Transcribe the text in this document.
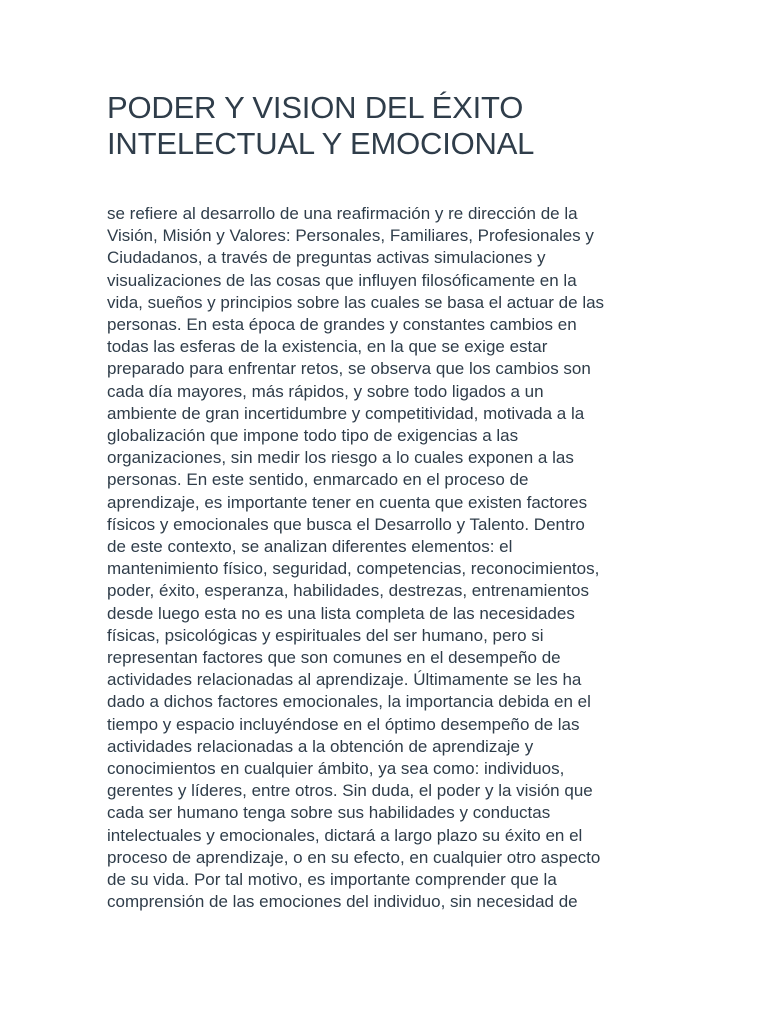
PODER Y VISION DEL ÉXITO
INTELECTUAL Y EMOCIONAL
se refiere al desarrollo de una reafirmación y re dirección de la
Visión, Misión y Valores: Personales, Familiares, Profesionales y
Ciudadanos, a través de preguntas activas simulaciones y
visualizaciones de las cosas que influyen filosóficamente en la
vida, sueños y principios sobre las cuales se basa el actuar de las
personas. En esta época de grandes y constantes cambios en
todas las esferas de la existencia, en la que se exige estar
preparado para enfrentar retos, se observa que los cambios son
cada día mayores, más rápidos, y sobre todo ligados a un
ambiente de gran incertidumbre y competitividad, motivada a la
globalización que impone todo tipo de exigencias a las
organizaciones, sin medir los riesgo a lo cuales exponen a las
personas. En este sentido, enmarcado en el proceso de
aprendizaje, es importante tener en cuenta que existen factores
físicos y emocionales que busca el Desarrollo y Talento. Dentro
de este contexto, se analizan diferentes elementos: el
mantenimiento físico, seguridad, competencias, reconocimientos,
poder, éxito, esperanza, habilidades, destrezas, entrenamientos
desde luego esta no es una lista completa de las necesidades
físicas, psicológicas y espirituales del ser humano, pero si
representan factores que son comunes en el desempeño de
actividades relacionadas al aprendizaje. Últimamente se les ha
dado a dichos factores emocionales, la importancia debida en el
tiempo y espacio incluyéndose en el óptimo desempeño de las
actividades relacionadas a la obtención de aprendizaje y
conocimientos en cualquier ámbito, ya sea como: individuos,
gerentes y líderes, entre otros. Sin duda, el poder y la visión que
cada ser humano tenga sobre sus habilidades y conductas
intelectuales y emocionales, dictará a largo plazo su éxito en el
proceso de aprendizaje, o en su efecto, en cualquier otro aspecto
de su vida. Por tal motivo, es importante comprender que la
comprensión de las emociones del individuo, sin necesidad de
